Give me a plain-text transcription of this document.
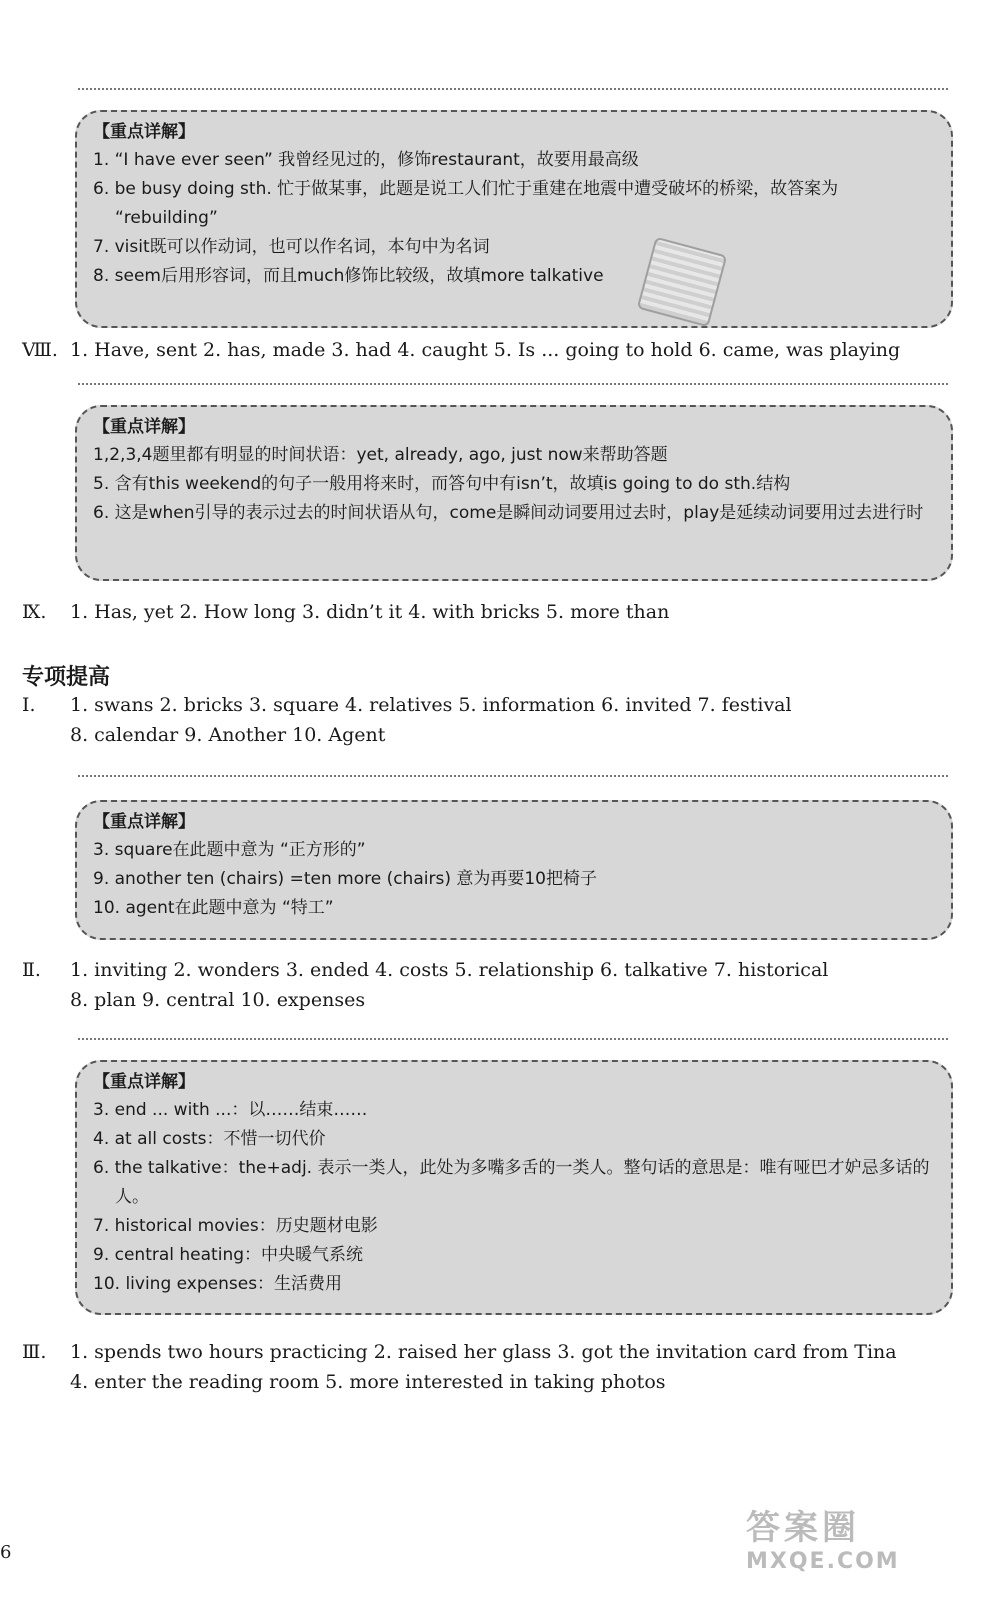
【重点详解】
1. “I have ever seen” 我曾经见过的，修饰restaurant，故要用最高级
6. be busy doing sth. 忙于做某事，此题是说工人们忙于重建在地震中遭受破坏的桥梁，故答案为 “rebuilding”
7. visit既可以作动词，也可以作名词，本句中为名词
8. seem后用形容词，而且much修饰比较级，故填more talkative
Ⅷ. 1. Have, sent 2. has, made 3. had 4. caught 5. Is ... going to hold 6. came, was playing
【重点详解】
1,2,3,4题里都有明显的时间状语：yet, already, ago, just now来帮助答题
5. 含有this weekend的句子一般用将来时，而答句中有isn’t，故填is going to do sth.结构
6. 这是when引导的表示过去的时间状语从句，come是瞬间动词要用过去时，play是延续动词要用过去进行时
Ⅸ. 1. Has, yet 2. How long 3. didn’t it 4. with bricks 5. more than
专项提高
Ⅰ. 1. swans 2. bricks 3. square 4. relatives 5. information 6. invited 7. festival
8. calendar 9. Another 10. Agent
【重点详解】
3. square在此题中意为 “正方形的”
9. another ten (chairs) =ten more (chairs) 意为再要10把椅子
10. agent在此题中意为 “特工”
Ⅱ. 1. inviting 2. wonders 3. ended 4. costs 5. relationship 6. talkative 7. historical
8. plan 9. central 10. expenses
【重点详解】
3. end ... with ...：以……结束……
4. at all costs：不惜一切代价
6. the talkative：the+adj. 表示一类人，此处为多嘴多舌的一类人。整句话的意思是：唯有哑巴才妒忌多话的人。
7. historical movies：历史题材电影
9. central heating：中央暖气系统
10. living expenses：生活费用
Ⅲ. 1. spends two hours practicing 2. raised her glass 3. got the invitation card from Tina
4. enter the reading room 5. more interested in taking photos
6
答案圈
MXQE.COM
